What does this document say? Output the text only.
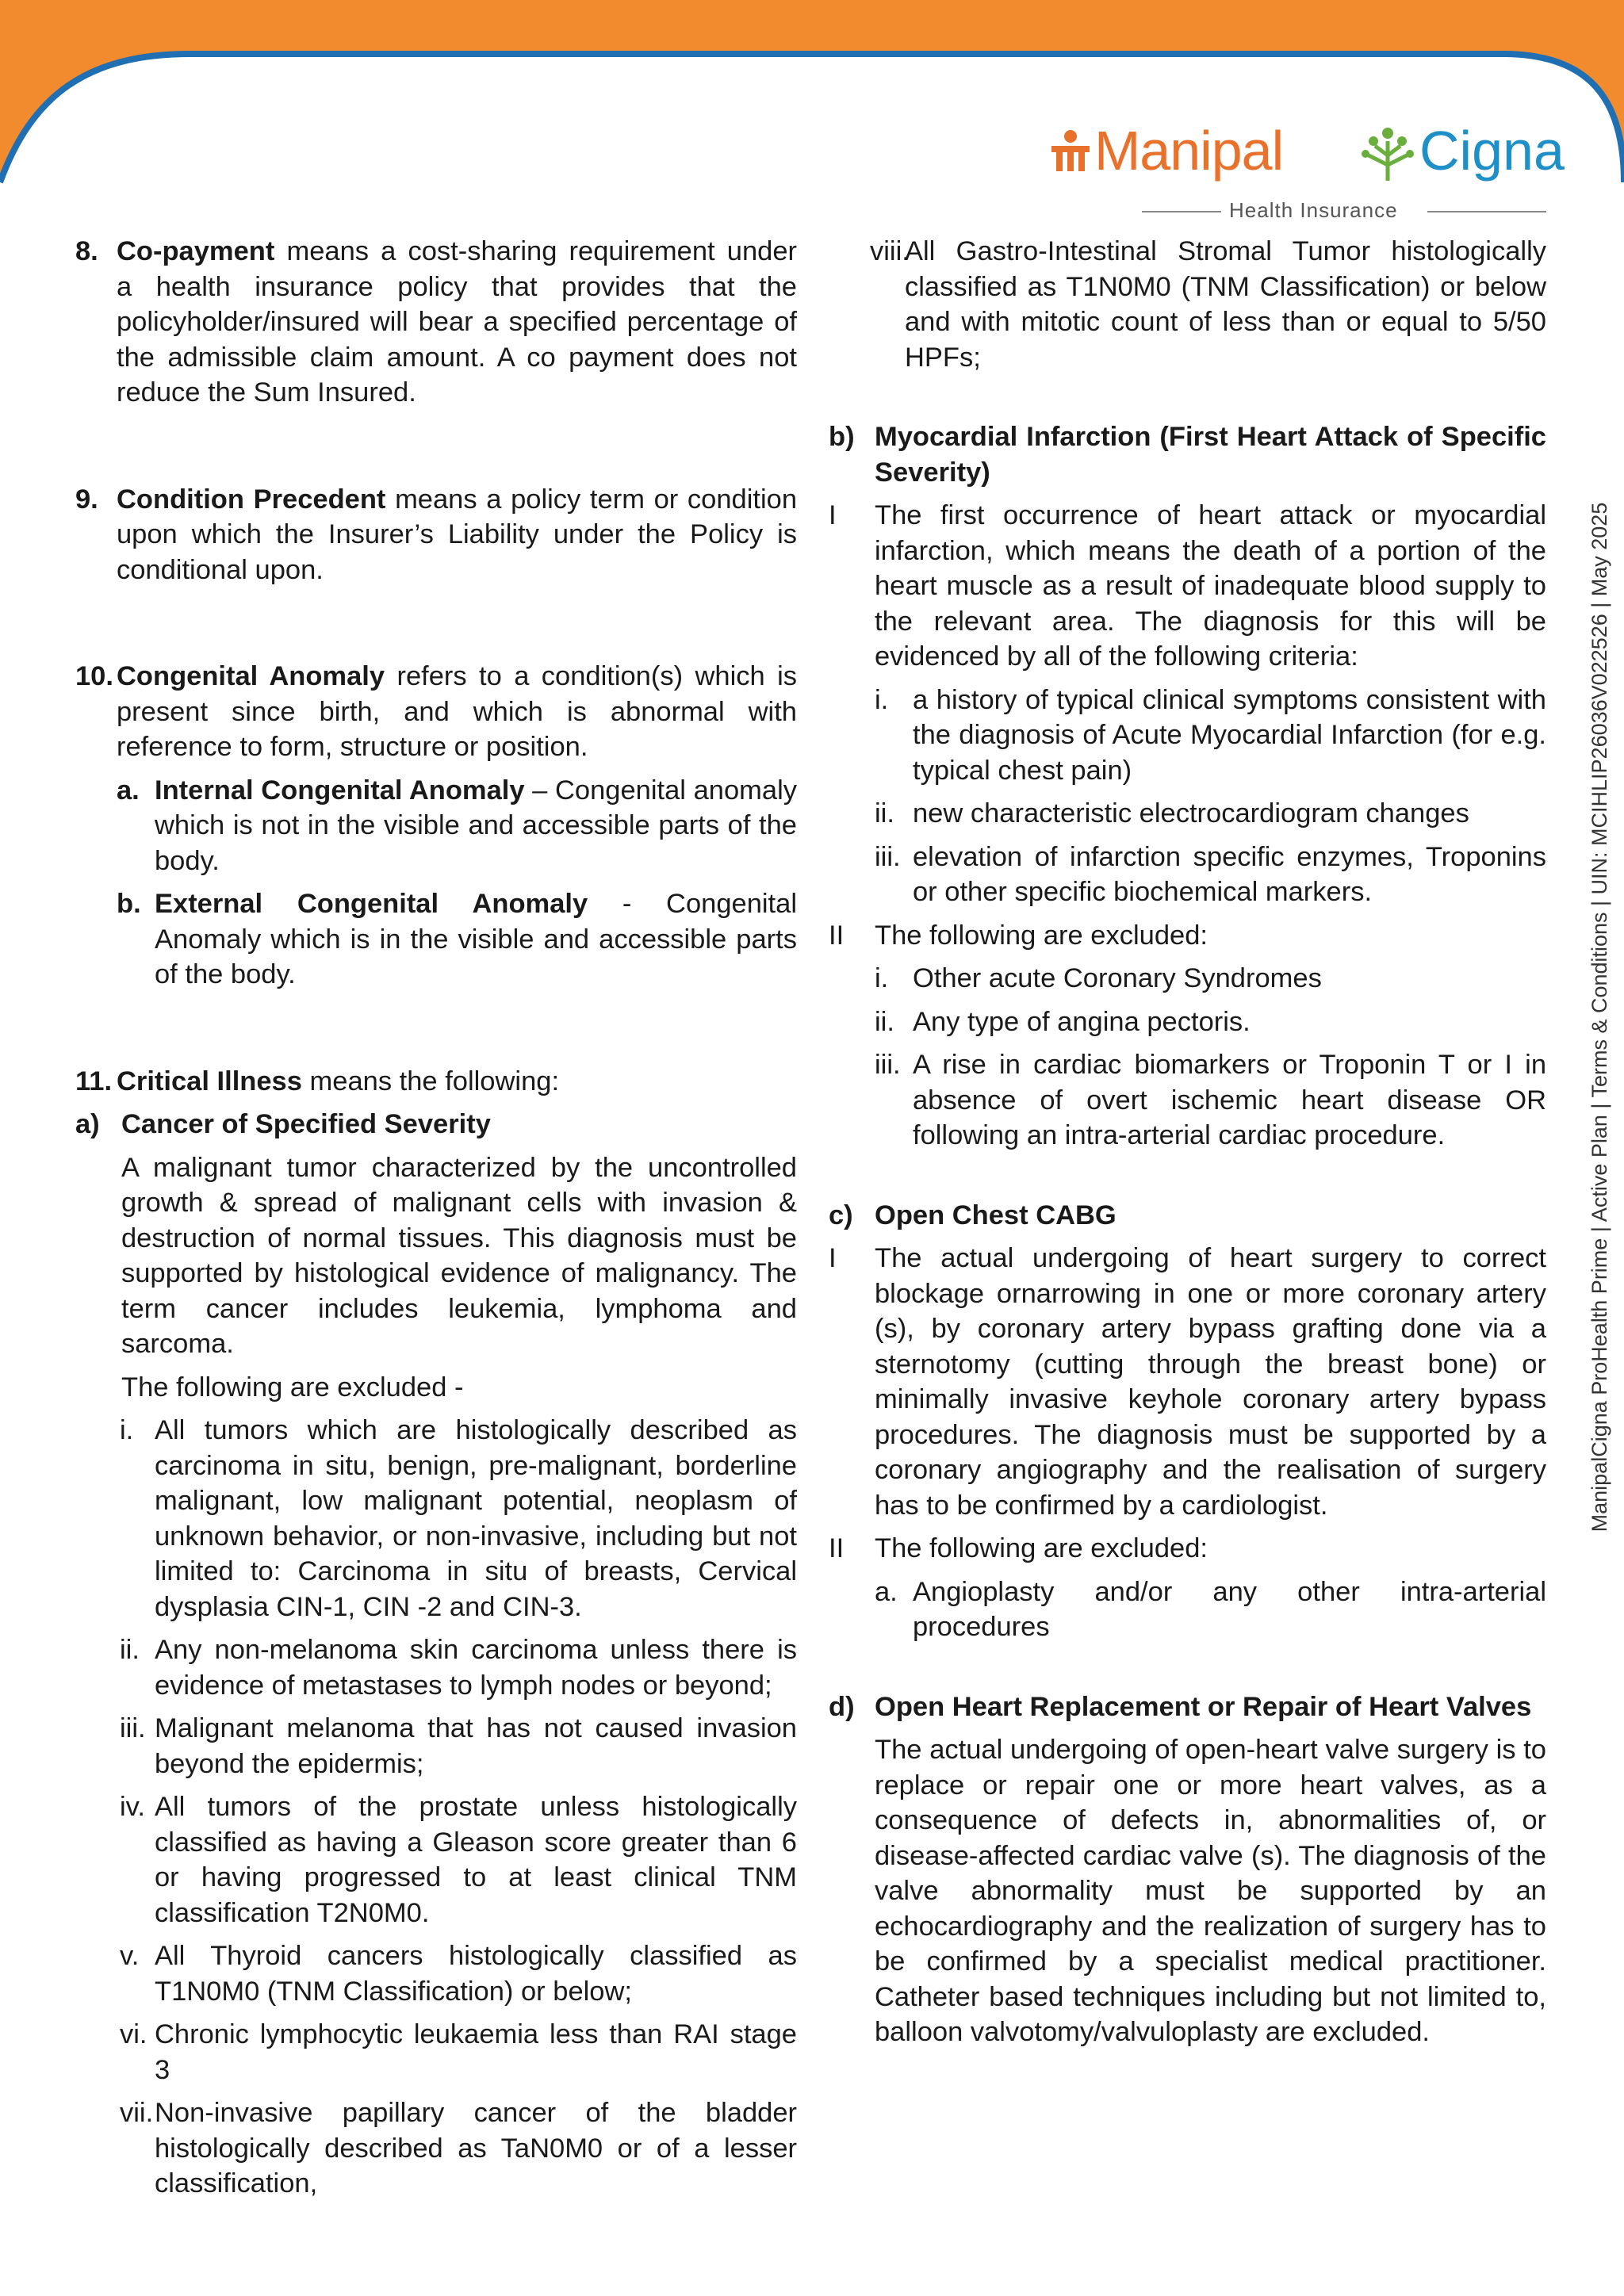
Manipal Cigna
Health Insurance
8. Co-payment means a cost-sharing requirement under a health insurance policy that provides that the policyholder/insured will bear a specified percentage of the admissible claim amount. A co payment does not reduce the Sum Insured.

9. Condition Precedent means a policy term or condition upon which the Insurer’s Liability under the Policy is conditional upon.

10. Congenital Anomaly refers to a condition(s) which is present since birth, and which is abnormal with reference to form, structure or position.

a. Internal Congenital Anomaly – Congenital anomaly which is not in the visible and accessible parts of the body.

b. External Congenital Anomaly - Congenital Anomaly which is in the visible and accessible parts of the body.

11. Critical Illness means the following:

a) Cancer of Specified Severity

A malignant tumor characterized by the uncontrolled growth & spread of malignant cells with invasion & destruction of normal tissues. This diagnosis must be supported by histological evidence of malignancy. The term cancer includes leukemia, lymphoma and sarcoma.

The following are excluded -

i. All tumors which are histologically described as carcinoma in situ, benign, pre-malignant, borderline malignant, low malignant potential, neoplasm of unknown behavior, or non-invasive, including but not limited to: Carcinoma in situ of breasts, Cervical dysplasia CIN-1, CIN -2 and CIN-3.

ii. Any non-melanoma skin carcinoma unless there is evidence of metastases to lymph nodes or beyond;

iii. Malignant melanoma that has not caused invasion beyond the epidermis;

iv. All tumors of the prostate unless histologically classified as having a Gleason score greater than 6 or having progressed to at least clinical TNM classification T2N0M0.

v. All Thyroid cancers histologically classified as T1N0M0 (TNM Classification) or below;

vi. Chronic lymphocytic leukaemia less than RAI stage 3

vii. Non-invasive papillary cancer of the bladder histologically described as TaN0M0 or of a lesser classification,

viii.

All Gastro-Intestinal Stromal Tumor histologically classified as T1N0M0 (TNM Classification) or below and with mitotic count of less than or equal to 5/50 HPFs;

b) Myocardial Infarction (First Heart Attack of Specific Severity)

I The first occurrence of heart attack or myocardial infarction, which means the death of a portion of the heart muscle as a result of inadequate blood supply to the relevant area. The diagnosis for this will be evidenced by all of the following criteria:

i. a history of typical clinical symptoms consistent with the diagnosis of Acute Myocardial Infarction (for e.g. typical chest pain)

ii. new characteristic electrocardiogram changes

iii. elevation of infarction specific enzymes, Troponins or other specific biochemical markers.

II The following are excluded:

i. Other acute Coronary Syndromes

ii. Any type of angina pectoris.

iii. A rise in cardiac biomarkers or Troponin T or I in absence of overt ischemic heart disease OR following an intra-arterial cardiac procedure.

c) Open Chest CABG

I The actual undergoing of heart surgery to correct blockage ornarrowing in one or more coronary artery (s), by coronary artery bypass grafting done via a sternotomy (cutting through the breast bone) or minimally invasive keyhole coronary artery bypass procedures. The diagnosis must be supported by a coronary angiography and the realisation of surgery has to be confirmed by a cardiologist.

II The following are excluded:

a. Angioplasty and/or any other intra-arterial procedures

d) Open Heart Replacement or Repair of Heart Valves

The actual undergoing of open-heart valve surgery is to replace or repair one or more heart valves, as a consequence of defects in, abnormalities of, or disease-affected cardiac valve (s). The diagnosis of the valve abnormality must be supported by an echocardiography and the realization of surgery has to be confirmed by a specialist medical practitioner. Catheter based techniques including but not limited to, balloon valvotomy/valvuloplasty are excluded.

ManipalCigna ProHealth Prime | Active Plan | Terms & Conditions | UIN: MCIHLIP26036V022526 | May 2025
